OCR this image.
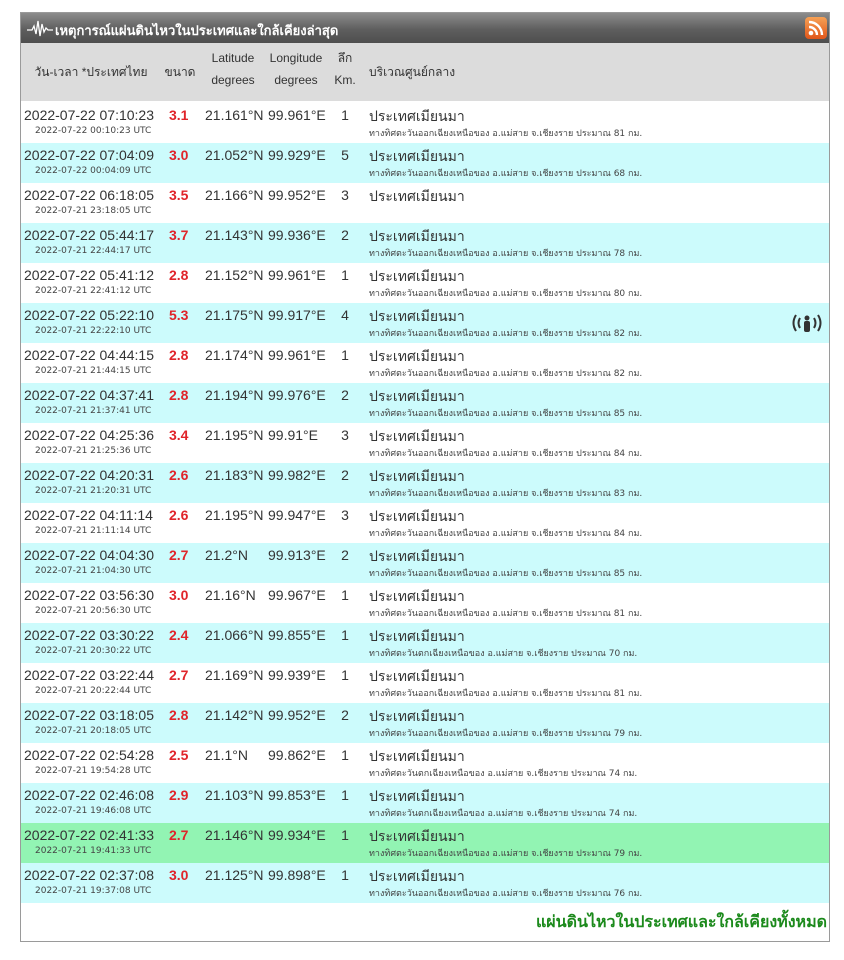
เหตุการณ์แผ่นดินไหวในประเทศและใกล้เคียงล่าสุด
วัน-เวลา *ประเทศไทย	ขนาด
Latitude
degrees
Longitude
degrees
ลึก
Km.
บริเวณศูนย์กลาง
2022-07-22 07:10:23
2022-07-22 00:10:23 UTC
3.1 21.161°N 99.961°E 1 ประเทศเมียนมา
ทางทิศตะวันออกเฉียงเหนือของ อ.แม่สาย จ.เชียงราย ประมาณ 81 กม.
2022-07-22 07:04:09
2022-07-22 00:04:09 UTC
3.0 21.052°N 99.929°E 5 ประเทศเมียนมา
ทางทิศตะวันออกเฉียงเหนือของ อ.แม่สาย จ.เชียงราย ประมาณ 68 กม.
2022-07-22 06:18:05
2022-07-21 23:18:05 UTC
3.5 21.166°N 99.952°E 3 ประเทศเมียนมา
2022-07-22 05:44:17
2022-07-21 22:44:17 UTC
3.7 21.143°N 99.936°E 2 ประเทศเมียนมา
ทางทิศตะวันออกเฉียงเหนือของ อ.แม่สาย จ.เชียงราย ประมาณ 78 กม.
2022-07-22 05:41:12
2022-07-21 22:41:12 UTC
2.8 21.152°N 99.961°E 1 ประเทศเมียนมา
ทางทิศตะวันออกเฉียงเหนือของ อ.แม่สาย จ.เชียงราย ประมาณ 80 กม.
2022-07-22 05:22:10
2022-07-21 22:22:10 UTC
5.3 21.175°N 99.917°E 4 ประเทศเมียนมา
ทางทิศตะวันออกเฉียงเหนือของ อ.แม่สาย จ.เชียงราย ประมาณ 82 กม.
2022-07-22 04:44:15
2022-07-21 21:44:15 UTC
2.8 21.174°N 99.961°E 1 ประเทศเมียนมา
ทางทิศตะวันออกเฉียงเหนือของ อ.แม่สาย จ.เชียงราย ประมาณ 82 กม.
2022-07-22 04:37:41
2022-07-21 21:37:41 UTC
2.8 21.194°N 99.976°E 2 ประเทศเมียนมา
ทางทิศตะวันออกเฉียงเหนือของ อ.แม่สาย จ.เชียงราย ประมาณ 85 กม.
2022-07-22 04:25:36
2022-07-21 21:25:36 UTC
3.4 21.195°N 99.91°E 3 ประเทศเมียนมา
ทางทิศตะวันออกเฉียงเหนือของ อ.แม่สาย จ.เชียงราย ประมาณ 84 กม.
2022-07-22 04:20:31
2022-07-21 21:20:31 UTC
2.6 21.183°N 99.982°E 2 ประเทศเมียนมา
ทางทิศตะวันออกเฉียงเหนือของ อ.แม่สาย จ.เชียงราย ประมาณ 83 กม.
2022-07-22 04:11:14
2022-07-21 21:11:14 UTC
2.6 21.195°N 99.947°E 3 ประเทศเมียนมา
ทางทิศตะวันออกเฉียงเหนือของ อ.แม่สาย จ.เชียงราย ประมาณ 84 กม.
2022-07-22 04:04:30
2022-07-21 21:04:30 UTC
2.7 21.2°N 99.913°E 2 ประเทศเมียนมา
ทางทิศตะวันออกเฉียงเหนือของ อ.แม่สาย จ.เชียงราย ประมาณ 85 กม.
2022-07-22 03:56:30
2022-07-21 20:56:30 UTC
3.0 21.16°N 99.967°E 1 ประเทศเมียนมา
ทางทิศตะวันออกเฉียงเหนือของ อ.แม่สาย จ.เชียงราย ประมาณ 81 กม.
2022-07-22 03:30:22
2022-07-21 20:30:22 UTC
2.4 21.066°N 99.855°E 1 ประเทศเมียนมา
ทางทิศตะวันตกเฉียงเหนือของ อ.แม่สาย จ.เชียงราย ประมาณ 70 กม.
2022-07-22 03:22:44
2022-07-21 20:22:44 UTC
2.7 21.169°N 99.939°E 1 ประเทศเมียนมา
ทางทิศตะวันออกเฉียงเหนือของ อ.แม่สาย จ.เชียงราย ประมาณ 81 กม.
2022-07-22 03:18:05
2022-07-21 20:18:05 UTC
2.8 21.142°N 99.952°E 2 ประเทศเมียนมา
ทางทิศตะวันออกเฉียงเหนือของ อ.แม่สาย จ.เชียงราย ประมาณ 79 กม.
2022-07-22 02:54:28
2022-07-21 19:54:28 UTC
2.5 21.1°N 99.862°E 1 ประเทศเมียนมา
ทางทิศตะวันตกเฉียงเหนือของ อ.แม่สาย จ.เชียงราย ประมาณ 74 กม.
2022-07-22 02:46:08
2022-07-21 19:46:08 UTC
2.9 21.103°N 99.853°E 1 ประเทศเมียนมา
ทางทิศตะวันตกเฉียงเหนือของ อ.แม่สาย จ.เชียงราย ประมาณ 74 กม.
2022-07-22 02:41:33
2022-07-21 19:41:33 UTC
2.7 21.146°N 99.934°E 1 ประเทศเมียนมา
ทางทิศตะวันออกเฉียงเหนือของ อ.แม่สาย จ.เชียงราย ประมาณ 79 กม.
2022-07-22 02:37:08
2022-07-21 19:37:08 UTC
3.0 21.125°N 99.898°E 1 ประเทศเมียนมา
ทางทิศตะวันออกเฉียงเหนือของ อ.แม่สาย จ.เชียงราย ประมาณ 76 กม.
แผ่นดินไหวในประเทศและใกล้เคียงทั้งหมด
